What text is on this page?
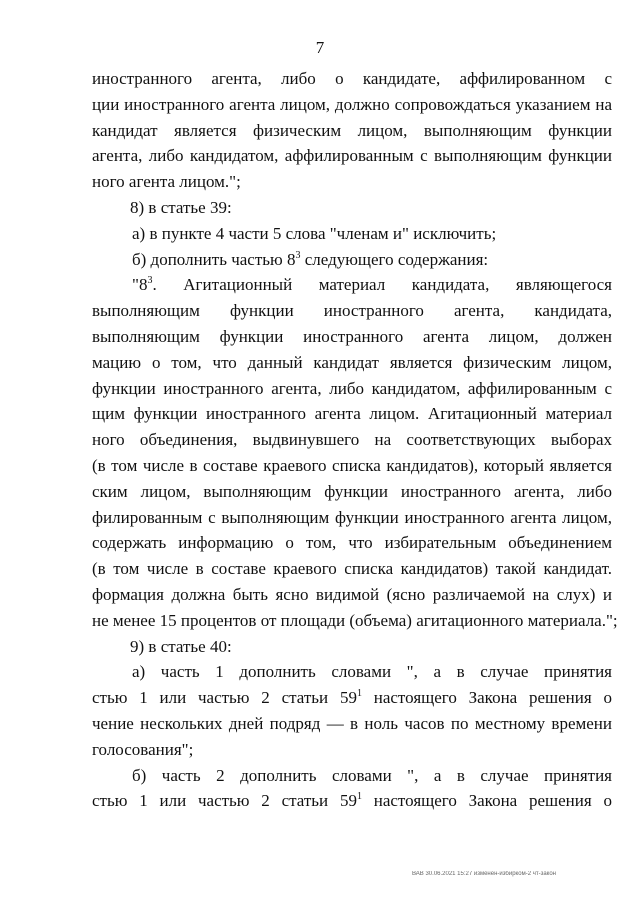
7
иностранного агента, либо о кандидате, аффилированном с
ции иностранного агента лицом, должно сопровождаться указанием на
кандидат является физическим лицом, выполняющим функции
агента, либо кандидатом, аффилированным с выполняющим функции
ного агента лицом.";
8) в статье 39:
а) в пункте 4 части 5 слова "членам и" исключить;
б) дополнить частью $8^3$ следующего содержания:
"$8^3$. Агитационный материал кандидата, являющегося
выполняющим функции иностранного агента, кандидата,
выполняющим функции иностранного агента лицом, должен
мацию о том, что данный кандидат является физическим лицом,
функции иностранного агента, либо кандидатом, аффилированным с
щим функции иностранного агента лицом. Агитационный материал
ного объединения, выдвинувшего на соответствующих выборах
(в том числе в составе краевого списка кандидатов), который является
ским лицом, выполняющим функции иностранного агента, либо
филированным с выполняющим функции иностранного агента лицом,
содержать информацию о том, что избирательным объединением
(в том числе в составе краевого списка кандидатов) такой кандидат.
формация должна быть ясно видимой (ясно различаемой на слух) и
не менее 15 процентов от площади (объема) агитационного материала.";
9) в статье 40:
а) часть 1 дополнить словами ", а в случае принятия
стью 1 или частью 2 статьи $59^1$ настоящего Закона решения о
чение нескольких дней подряд — в ноль часов по местному времени
голосования";
б) часть 2 дополнить словами ", а в случае принятия
стью 1 или частью 2 статьи $59^1$ настоящего Закона решения о
ВАВ 30.06.2021 15:27 изменен-избирком-2 чт-закон
